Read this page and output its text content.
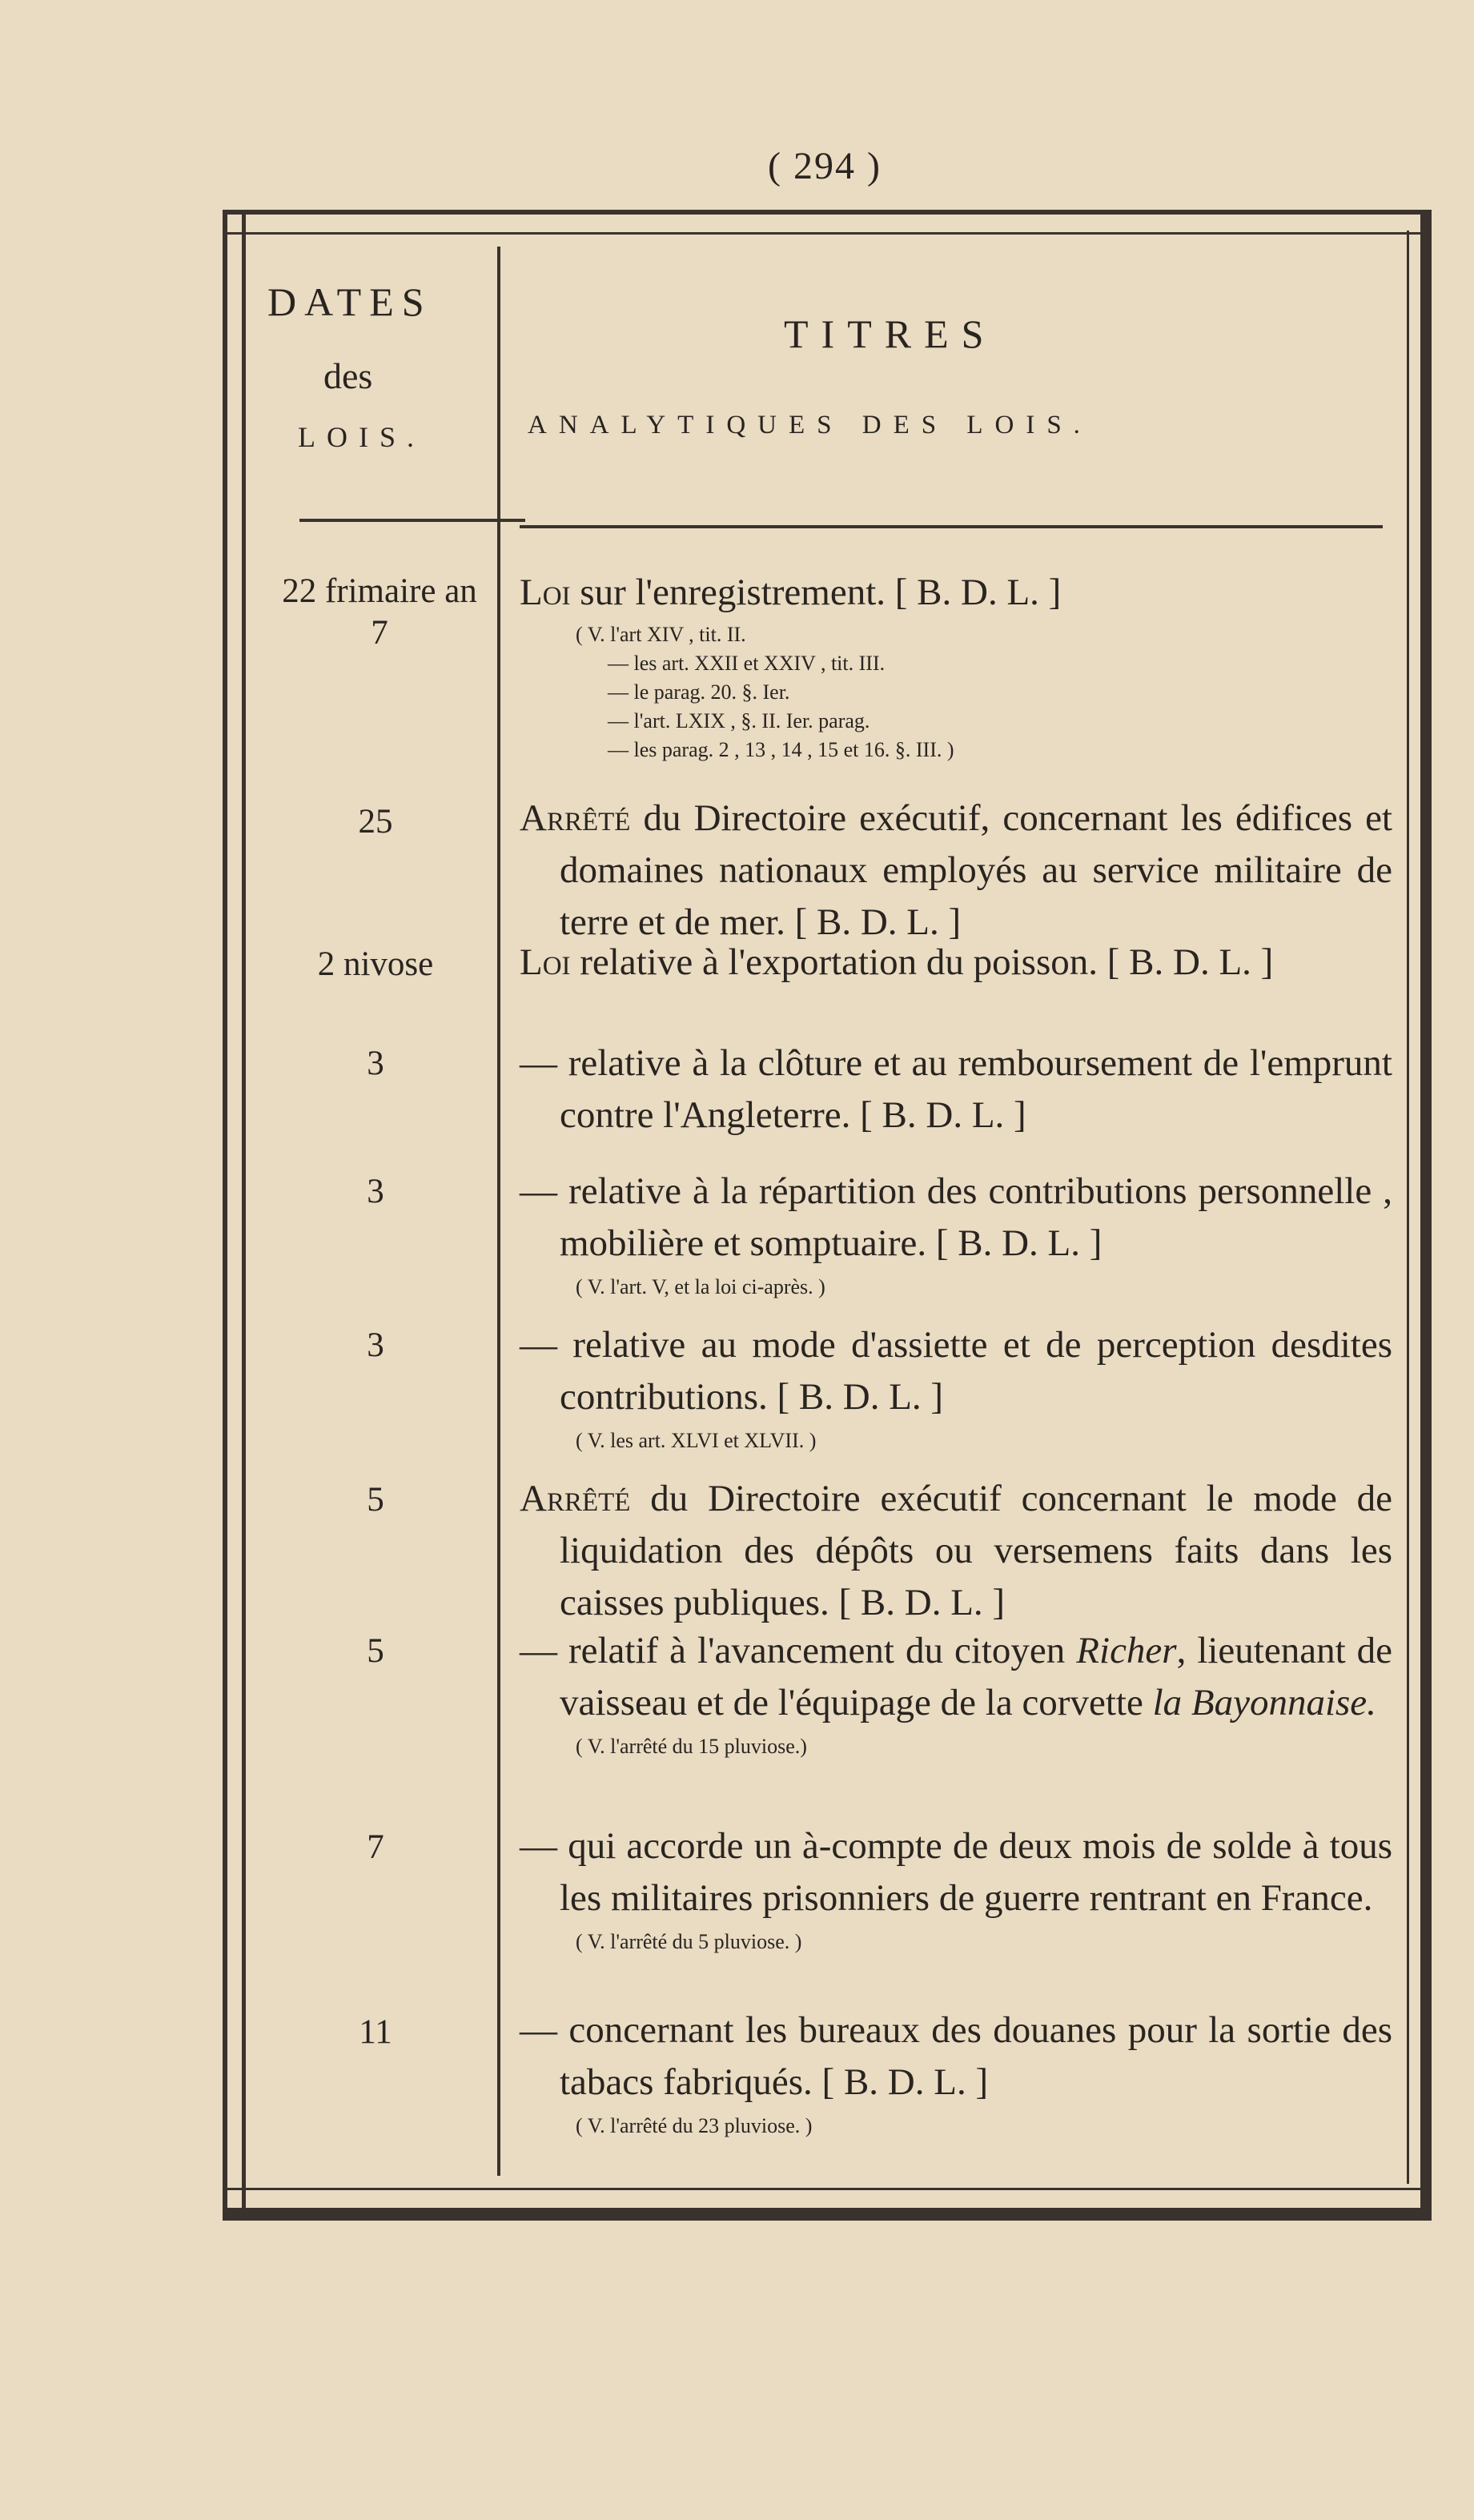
( 294 )
DATES
des
LOIS.
22 frimaire an 7
25
2 nivose
3
3
3
5
5
7
11
TITRES
ANALYTIQUES DES LOIS.
Loi sur l'enregistrement. [ B. D. L. ]
( V. l'art XIV , tit. II.
— les art. XXII et XXIV , tit. III.
— le parag. 20. §. Ier.
— l'art. LXIX , §. II. Ier. parag.
— les parag. 2 , 13 , 14 , 15 et 16. §. III. )
Arrêté du Directoire exécutif, concernant les édifices et domaines nationaux employés au service militaire de terre et de mer. [ B. D. L. ]
Loi relative à l'exportation du poisson. [ B. D. L. ]
— relative à la clôture et au remboursement de l'emprunt contre l'Angleterre. [ B. D. L. ]
— relative à la répartition des contributions personnelle , mobilière et somptuaire. [ B. D. L. ]
( V. l'art. V, et la loi ci-après. )
— relative au mode d'assiette et de perception desdites contributions. [ B. D. L. ]
( V. les art. XLVI et XLVII. )
Arrêté du Directoire exécutif concernant le mode de liquidation des dépôts ou versemens faits dans les caisses publiques. [ B. D. L. ]
— relatif à l'avancement du citoyen Richer, lieutenant de vaisseau et de l'équipage de la corvette la Bayonnaise.
( V. l'arrêté du 15 pluviose.)
— qui accorde un à-compte de deux mois de solde à tous les militaires prisonniers de guerre rentrant en France.
( V. l'arrêté du 5 pluviose. )
— concernant les bureaux des douanes pour la sortie des tabacs fabriqués. [ B. D. L. ]
( V. l'arrêté du 23 pluviose. )
